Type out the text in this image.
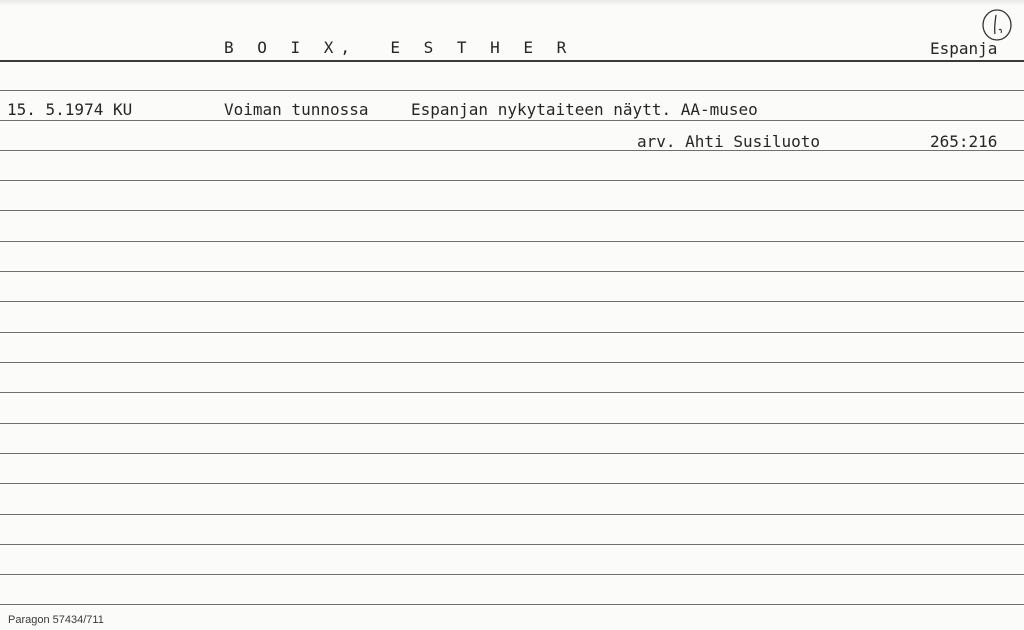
B O I X,  E S T H E R	Espanja
15. 5.1974 KU	Voiman tunnossa	Espanjan nykytaiteen näytt. AA-museo
arv. Ahti Susiluoto	265:216
Paragon 57434/711
